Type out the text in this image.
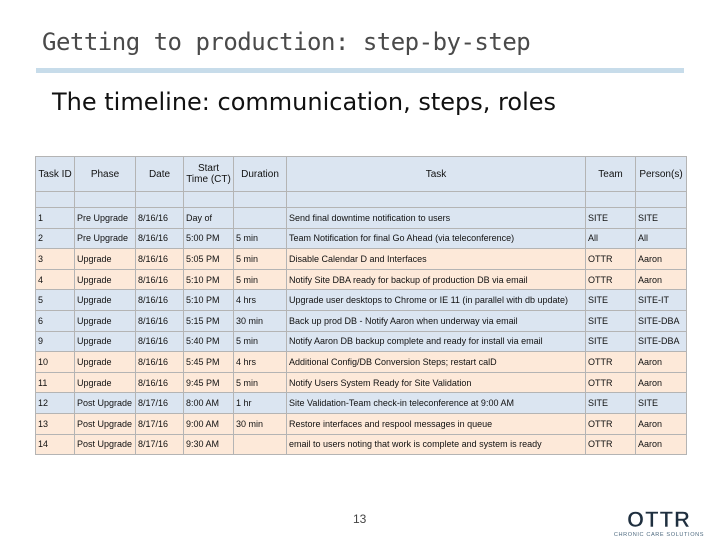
Getting to production: step-by-step
The timeline: communication, steps, roles
Task ID	Phase	Date	Start Time (CT)	Duration	Task	Team	Person(s)

1	Pre Upgrade	8/16/16	Day of		Send final downtime notification to users	SITE	SITE
2	Pre Upgrade	8/16/16	5:00 PM	5 min	Team Notification for final Go Ahead (via teleconference)	All	All
3	Upgrade	8/16/16	5:05 PM	5 min	Disable Calendar D and Interfaces	OTTR	Aaron
4	Upgrade	8/16/16	5:10 PM	5 min	Notify Site DBA ready for backup of production DB via email	OTTR	Aaron
5	Upgrade	8/16/16	5:10 PM	4 hrs	Upgrade user desktops to Chrome or IE 11 (in parallel with db update)	SITE	SITE-IT
6	Upgrade	8/16/16	5:15 PM	30 min	Back up prod DB - Notify Aaron when underway via email	SITE	SITE-DBA
9	Upgrade	8/16/16	5:40 PM	5 min	Notify Aaron DB backup complete and ready for install via email	SITE	SITE-DBA
10	Upgrade	8/16/16	5:45 PM	4 hrs	Additional Config/DB Conversion Steps; restart calD	OTTR	Aaron
11	Upgrade	8/16/16	9:45 PM	5 min	Notify Users System Ready for Site Validation	OTTR	Aaron
12	Post Upgrade	8/17/16	8:00 AM	1 hr	Site Validation-Team check-in teleconference at 9:00 AM	SITE	SITE
13	Post Upgrade	8/17/16	9:00 AM	30 min	Restore interfaces and respool messages in queue	OTTR	Aaron
14	Post Upgrade	8/17/16	9:30 AM		email to users noting that work is complete and system is ready	OTTR	Aaron
13	OTTR
CHRONIC CARE SOLUTIONS
